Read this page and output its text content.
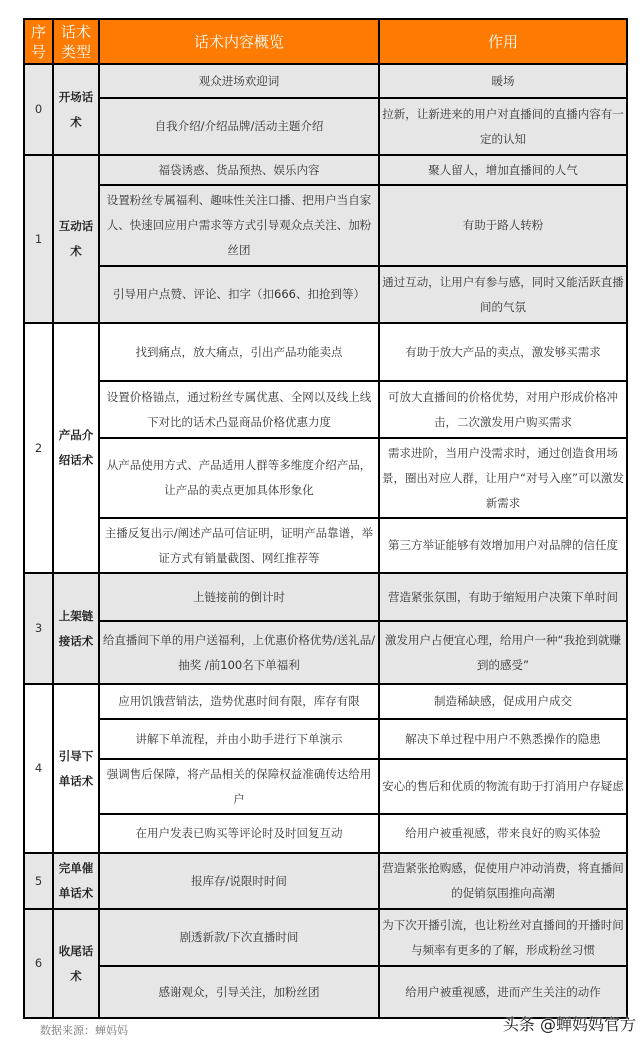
序号	话术类型	话术内容概览	作用
0	开场话术	观众进场欢迎词	暖场
		自我介绍/介绍品牌/活动主题介绍	拉新，让新进来的用户对直播间的直播内容有一定的认知
1	互动话术	福袋诱惑、货品预热、娱乐内容	聚人留人，增加直播间的人气
		设置粉丝专属福利、趣味性关注口播、把用户当自家人、快速回应用户需求等方式引导观众点关注、加粉丝团	有助于路人转粉
		引导用户点赞、评论、扣字（扣666、扣抢到等）	通过互动，让用户有参与感，同时又能活跃直播间的气氛
2	产品介绍话术	找到痛点，放大痛点，引出产品功能卖点	有助于放大产品的卖点，激发够买需求
		设置价格锚点，通过粉丝专属优惠、全网以及线上线下对比的话术凸显商品价格优惠力度	可放大直播间的价格优势，对用户形成价格冲击，二次激发用户购买需求
		从产品使用方式、产品适用人群等多维度介绍产品，让产品的卖点更加具体形象化	需求进阶，当用户没需求时，通过创造食用场景，圈出对应人群，让用户“对号入座”可以激发新需求
		主播反复出示/阐述产品可信证明，证明产品靠谱，举证方式有销量截图、网红推荐等	第三方举证能够有效增加用户对品牌的信任度
3	上架链接话术	上链接前的倒计时	营造紧张氛围，有助于缩短用户决策下单时间
		给直播间下单的用户送福利，上优惠价格优势/送礼品/抽奖 /前100名下单福利	激发用户占便宜心理，给用户一种“我抢到就赚到的感受”
4	引导下单话术	应用饥饿营销法，造势优惠时间有限，库存有限	制造稀缺感，促成用户成交
		讲解下单流程，并由小助手进行下单演示	解决下单过程中用户不熟悉操作的隐患
		强调售后保障，将产品相关的保障权益准确传达给用户	安心的售后和优质的物流有助于打消用户存疑虑
		在用户发表已购买等评论时及时回复互动	给用户被重视感，带来良好的购买体验
5	完单催单话术	报库存/说限时时间	营造紧张抢购感，促使用户冲动消费，将直播间的促销氛围推向高潮
6	收尾话术	剧透新款/下次直播时间	为下次开播引流，也让粉丝对直播间的开播时间与频率有更多的了解，形成粉丝习惯
		感谢观众，引导关注，加粉丝团	给用户被重视感，进而产生关注的动作
数据来源：蝉妈妈	头条 @蝉妈妈官方
